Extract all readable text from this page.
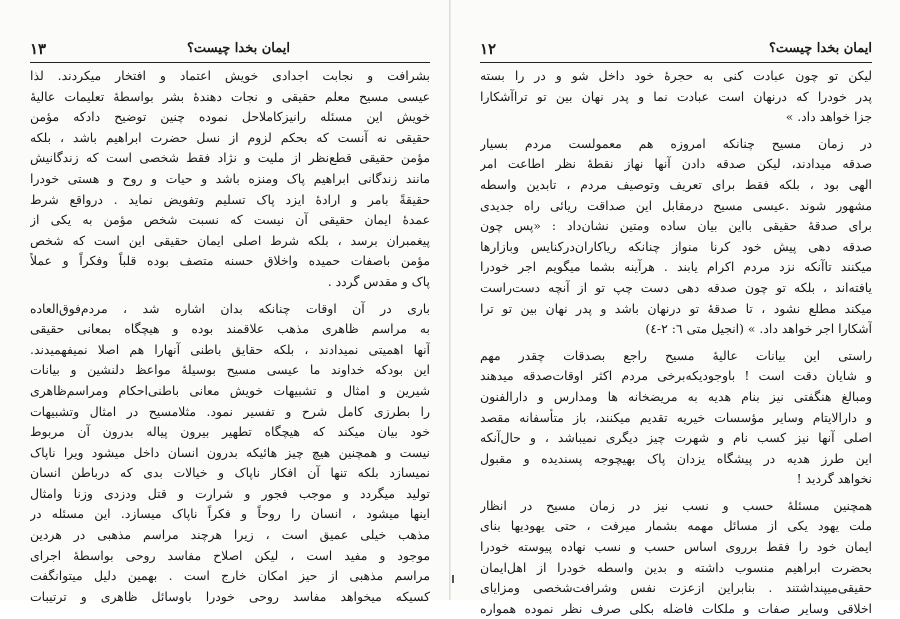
ایمان بخدا چیست؟
١٣
بشرافت و نجابت اجدادی خویش اعتماد و افتخار میکردند. لذا
عیسی مسیح معلم حقیقی و نجات دهندهٔ بشر بواسطهٔ تعلیمات عالیهٔ
خویش این مسئله رانیزکاملاحل نموده چنین توضیح دادکه مؤمن
حقیقی نه آنست که بحکم لزوم از نسل حضرت ابراهیم باشد ، بلکه
مؤمن حقیقی قطع‌نظر از ملیت و نژاد فقط شخصی است که زندگانیش
مانند زندگانی ابراهیم پاک ومنزه باشد و حیات و روح و هستی خودرا
حقیقةً بامر و ارادهٔ ایزد پاک تسلیم وتفویض نماید . درواقع شرط
عمدهٔ ایمان حقیقی آن نیست که نسبت شخص مؤمن به یکی از
پیغمبران برسد ، بلکه شرط اصلی ایمان حقیقی این است که شخص
مؤمن باصفات حمیده واخلاق حسنه متصف بوده قلباً وفکراً و عملاً
پاک و مقدس گردد .
باری در آن اوقات چنانکه بدان اشاره شد ، مردم‌فوق‌العاده
به مراسم ظاهری مذهب علاقمند بوده و هیچگاه بمعانی حقیقی
آنها اهمیتی نمیدادند ، بلکه حقایق باطنی آنهارا هم اصلا نمیفهمیدند.
این بودکه خداوند ما عیسی مسیح بوسیلهٔ مواعظ دلنشین و بیانات
شیرین و امثال و تشبیهات خویش معانی باطنی‌احکام ومراسم‌ظاهری
را بطرزی کامل شرح و تفسیر نمود. مثلا‌مسیح در امثال وتشبیهات
خود بیان میکند که هیچگاه تطهیر بیرون پیاله بدرون آن مربوط
نیست و همچنین هیچ چیز هائیکه بدرون انسان داخل میشود ویرا ناپاک
نمیسازد بلکه تنها آن افکار ناپاک و خیالات بدی که درباطن انسان
تولید میگردد و موجب فجور و شرارت و قتل ودزدی وزنا وامثال
اینها میشود ، انسان را روحاً و فکراً ناپاک میسازد. این مسئله در
مذهب خیلی عمیق است ، زیرا هرچند مراسم مذهبی در هردین
موجود و مفید است ، لیکن اصلاح مفاسد روحی بواسطهٔ اجرای
مراسم مذهبی از حیز امکان خارج است . بهمین دلیل میتوانگفت
کسیکه میخواهد مفاسد روحی خودرا باوسائل ظاهری و ترتیبات
ایمان بخدا چیست؟
١٢
لیکن تو چون عبادت کنی به حجرهٔ خود داخل شو و در را بسته
پدر خودرا که درنهان است عبادت نما و پدر نهان بین تو ترا‌آشکارا
جزا خواهد داد. »
در زمان مسیح چنانکه امروزه هم معمولست مردم بسیار
صدقه میدادند، لیکن صدقه دادن آنها نهاز نقطهٔ نظر اطاعت امر
الهی بود ، بلکه فقط برای تعریف وتوصیف مردم ، تابدین واسطه
مشهور شوند .عیسی مسیح درمقابل این صداقت ریائی راه جدیدی
برای صدقهٔ حقیقی بااین بیان ساده ومتین نشان‌داد : «پس چون
صدقه دهی پیش خود کرنا منواز چنانکه ریاکاران‌درکنایس وبازارها
میکنند تاآنکه نزد مردم اکرام یابند . هرآینه بشما میگویم اجر خودرا
یافته‌اند ، بلکه تو چون صدقه دهی دست چپ تو از آنچه دست‌راست
میکند مطلع نشود ، تا صدقهٔ تو درنهان باشد و پدر نهان بین تو ترا
آشکارا اجر خواهد داد. » (انجیل متی ٦: ٢-٤)
راستی این بیانات عالیهٔ مسیح راجع بصدقات چقدر مهم
و شایان دقت است ! باوجودیکه‌برخی مردم اکثر اوقات‌صدقه میدهند
ومبالغ هنگفتی نیز بنام هدیه به مریضخانه ها ومدارس و دارالفنون
و دارالایتام وسایر مؤسسات خیریه تقدیم میکنند، باز متأسفانه مقصد
اصلی آنها نیز کسب نام و شهرت چیز دیگری نمیباشد ، و حال‌آنکه
این طرز هدیه در پیشگاه یزدان پاک بهیچوجه پسندیده و مقبول
نخواهد گردید !
همچنین مسئلهٔ حسب و نسب نیز در زمان مسیح در انظار
ملت یهود یکی از مسائل مهمه بشمار میرفت ، حتی یهودیها بنای
ایمان خود را فقط برروی اساس حسب و نسب نهاده پیوسته خودرا
بحضرت ابراهیم منسوب داشته و بدین واسطه خودرا از اهل‌ایمان
حقیقی‌میپنداشتند . بنابراین ازعزت نفس وشرافت‌شخصی ومزایای
اخلاقی وسایر صفات و ملکات فاضله بکلی صرف نظر نموده همواره
